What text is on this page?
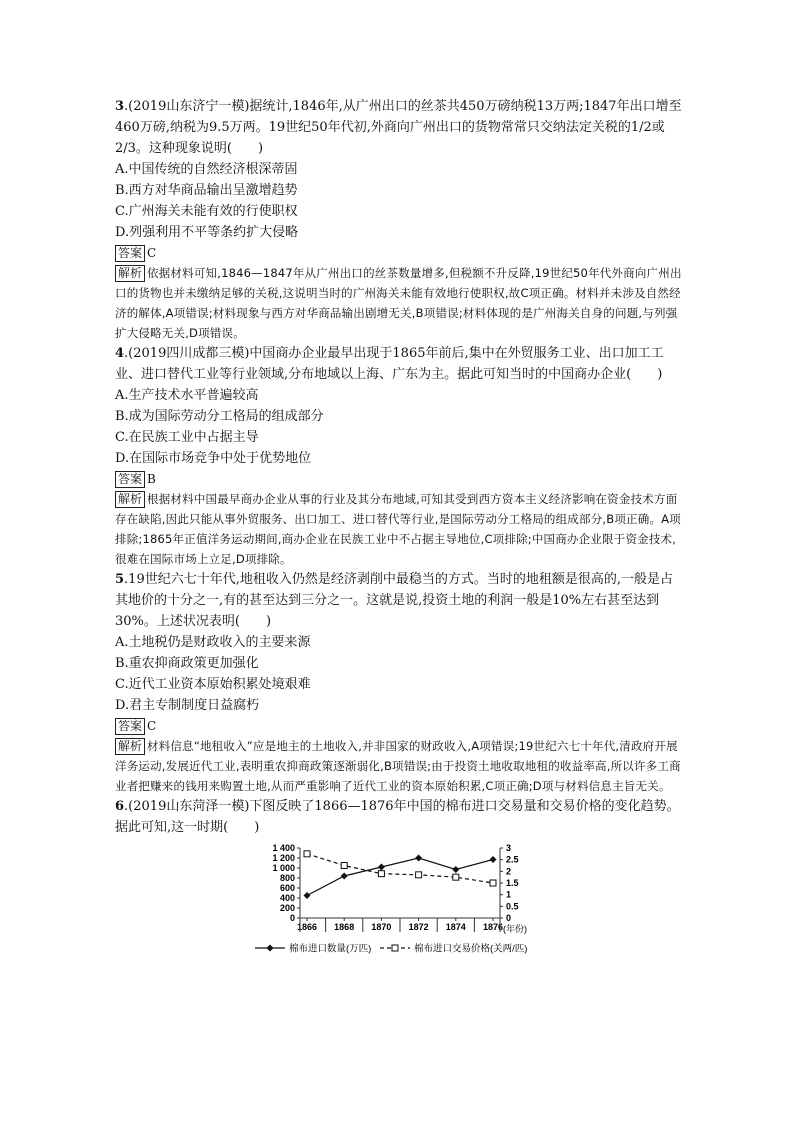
3.(2019山东济宁一模)据统计,1846年,从广州出口的丝茶共450万磅纳税13万两;1847年出口增至460万磅,纳税为9.5万两。19世纪50年代初,外商向广州出口的货物常常只交纳法定关税的1/2或2/3。这种现象说明(　　)

A.中国传统的自然经济根深蒂固

B.西方对华商品输出呈激增趋势

C.广州海关未能有效的行使职权

D.列强利用不平等条约扩大侵略

答案 C

解析 依据材料可知,1846—1847年从广州出口的丝茶数量增多,但税额不升反降,19世纪50年代外商向广州出口的货物也并未缴纳足够的关税,这说明当时的广州海关未能有效地行使职权,故C项正确。材料并未涉及自然经济的解体,A项错误;材料现象与西方对华商品输出剧增无关,B项错误;材料体现的是广州海关自身的问题,与列强扩大侵略无关,D项错误。

4.(2019四川成都三模)中国商办企业最早出现于1865年前后,集中在外贸服务工业、出口加工工业、进口替代工业等行业领域,分布地域以上海、广东为主。据此可知当时的中国商办企业(　　)

A.生产技术水平普遍较高

B.成为国际劳动分工格局的组成部分

C.在民族工业中占据主导

D.在国际市场竞争中处于优势地位

答案 B

解析 根据材料中国最早商办企业从事的行业及其分布地域,可知其受到西方资本主义经济影响在资金技术方面存在缺陷,因此只能从事外贸服务、出口加工、进口替代等行业,是国际劳动分工格局的组成部分,B项正确。A项排除;1865年正值洋务运动期间,商办企业在民族工业中不占据主导地位,C项排除;中国商办企业限于资金技术,很难在国际市场上立足,D项排除。

5.19世纪六七十年代,地租收入仍然是经济剥削中最稳当的方式。当时的地租额是很高的,一般是占其地价的十分之一,有的甚至达到三分之一。这就是说,投资土地的利润一般是10%左右甚至达到30%。上述状况表明(　　)

A.土地税仍是财政收入的主要来源

B.重农抑商政策更加强化

C.近代工业资本原始积累处境艰难

D.君主专制制度日益腐朽

答案 C

解析 材料信息“地租收入”应是地主的土地收入,并非国家的财政收入,A项错误;19世纪六七十年代,清政府开展洋务运动,发展近代工业,表明重农抑商政策逐渐弱化,B项错误;由于投资土地收取地租的收益率高,所以许多工商业者把赚来的钱用来购置土地,从而严重影响了近代工业的资本原始积累,C项正确;D项与材料信息主旨无关。

6.(2019山东菏泽一模)下图反映了1866—1876年中国的棉布进口交易量和交易价格的变化趋势。据此可知,这一时期(　　)

0
200
400
600
800
1 000
1 200
1 400
0
0.5
1
1.5
2
2.5
3
1866 1868 1870 1872 1874 1876 (年份)
棉布进口数量(万匹)	棉布进口交易价格(关两/匹)
